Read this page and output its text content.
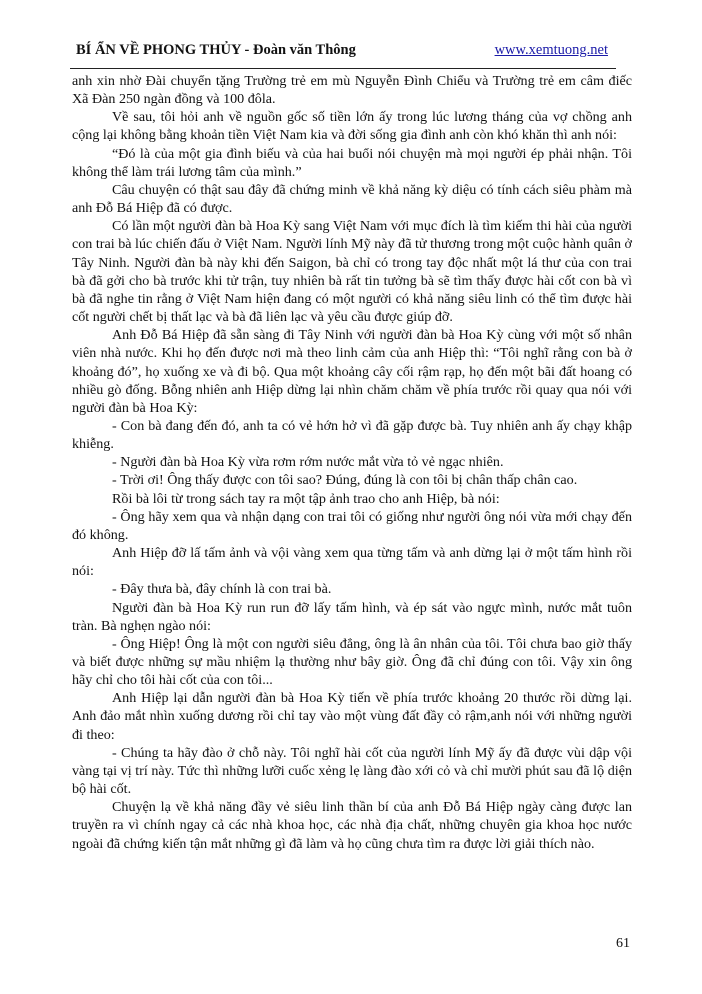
BÍ ẨN VỀ PHONG THỦY - Đoàn văn Thông	www.xemtuong.net

anh xin nhờ Đài chuyển tặng Trường trẻ em mù Nguyễn Đình Chiểu và Trường trẻ em câm điếc Xã Đàn 250 ngàn đồng và 100 đôla.

Về sau, tôi hỏi anh về nguồn gốc số tiền lớn ấy trong lúc lương tháng của vợ chồng anh cộng lại không bằng khoản tiền Việt Nam kia và đời sống gia đình anh còn khó khăn thì anh nói:

“Đó là của một gia đình biếu và của hai buổi nói chuyện mà mọi người ép phải nhận. Tôi không thể làm trái lương tâm của mình.”

Câu chuyện có thật sau đây đã chứng minh về khả năng kỳ diệu có tính cách siêu phàm mà anh Đỗ Bá Hiệp đã có được.

Có lần một người đàn bà Hoa Kỳ sang Việt Nam với mục đích là tìm kiếm thi hài của người con trai bà lúc chiến đấu ở Việt Nam. Người lính Mỹ này đã tử thương trong một cuộc hành quân ở Tây Ninh. Người đàn bà này khi đến Saigon, bà chỉ có trong tay độc nhất một lá thư của con trai bà đã gởi cho bà trước khi tử trận, tuy nhiên bà rất tin tưởng bà sẽ tìm thấy được hài cốt con bà vì bà đã nghe tin rằng ở Việt Nam hiện đang có một người có khả năng siêu linh có thể tìm được hài cốt người chết bị thất lạc và bà đã liên lạc và yêu cầu được giúp đỡ.

Anh Đỗ Bá Hiệp đã sẵn sàng đi Tây Ninh với người đàn bà Hoa Kỳ cùng với một số nhân viên nhà nước. Khi họ đến được nơi mà theo linh cảm của anh Hiệp thì: “Tôi nghĩ rằng con bà ở khoảng đó”, họ xuống xe và đi bộ. Qua một khoảng cây cối rậm rạp, họ đến một bãi đất hoang có nhiều gò đống. Bỗng nhiên anh Hiệp dừng lại nhìn chăm chăm về phía trước rồi quay qua nói với người đàn bà Hoa Kỳ:

- Con bà đang đến đó, anh ta có vẻ hớn hở vì đã gặp được bà. Tuy nhiên anh ấy chạy khập khiễng.

- Người đàn bà Hoa Kỳ vừa rơm rớm nước mắt vừa tỏ vẻ ngạc nhiên.

- Trời ơi! Ông thấy được con tôi sao? Đúng, đúng là con tôi bị chân thấp chân cao.

Rồi bà lôi từ trong sách tay ra một tập ảnh trao cho anh Hiệp, bà nói:

- Ông hãy xem qua và nhận dạng con trai tôi có giống như người ông nói vừa mới chạy đến đó không.

Anh Hiệp đỡ lấ tấm ảnh và vội vàng xem qua từng tấm và anh dừng lại ở một tấm hình rồi nói:

- Đây thưa bà, đây chính là con trai bà.

Người đàn bà Hoa Kỳ run run đỡ lấy tấm hình, và ép sát vào ngực mình, nước mắt tuôn tràn. Bà nghẹn ngào nói:

- Ông Hiệp! Ông là một con người siêu đẳng, ông là ân nhân của tôi. Tôi chưa bao giờ thấy và biết được những sự mầu nhiệm lạ thường như bây giờ. Ông đã chỉ đúng con tôi. Vậy xin ông hãy chỉ cho tôi hài cốt của con tôi...

Anh Hiệp lại dẫn người đàn bà Hoa Kỳ tiến về phía trước khoảng 20 thước rồi dừng lại. Anh đảo mắt nhìn xuống dương rồi chỉ tay vào một vùng đất đầy cỏ rậm,anh nói với những người đi theo:

- Chúng ta hãy đào ở chỗ này. Tôi nghĩ hài cốt của người lính Mỹ ấy đã được vùi dập vội vàng tại vị trí này. Tức thì những lưỡi cuốc xẻng lẹ làng đào xới cỏ và chỉ mười phút sau đã lộ diện bộ hài cốt.

Chuyện lạ về khả năng đầy vẻ siêu linh thần bí của anh Đỗ Bá Hiệp ngày càng được lan truyền ra vì chính ngay cả các nhà khoa học, các nhà địa chất, những chuyên gia khoa học nước ngoài đã chứng kiến tận mắt những gì đã làm và họ cũng chưa tìm ra được lời giải thích nào.

61
